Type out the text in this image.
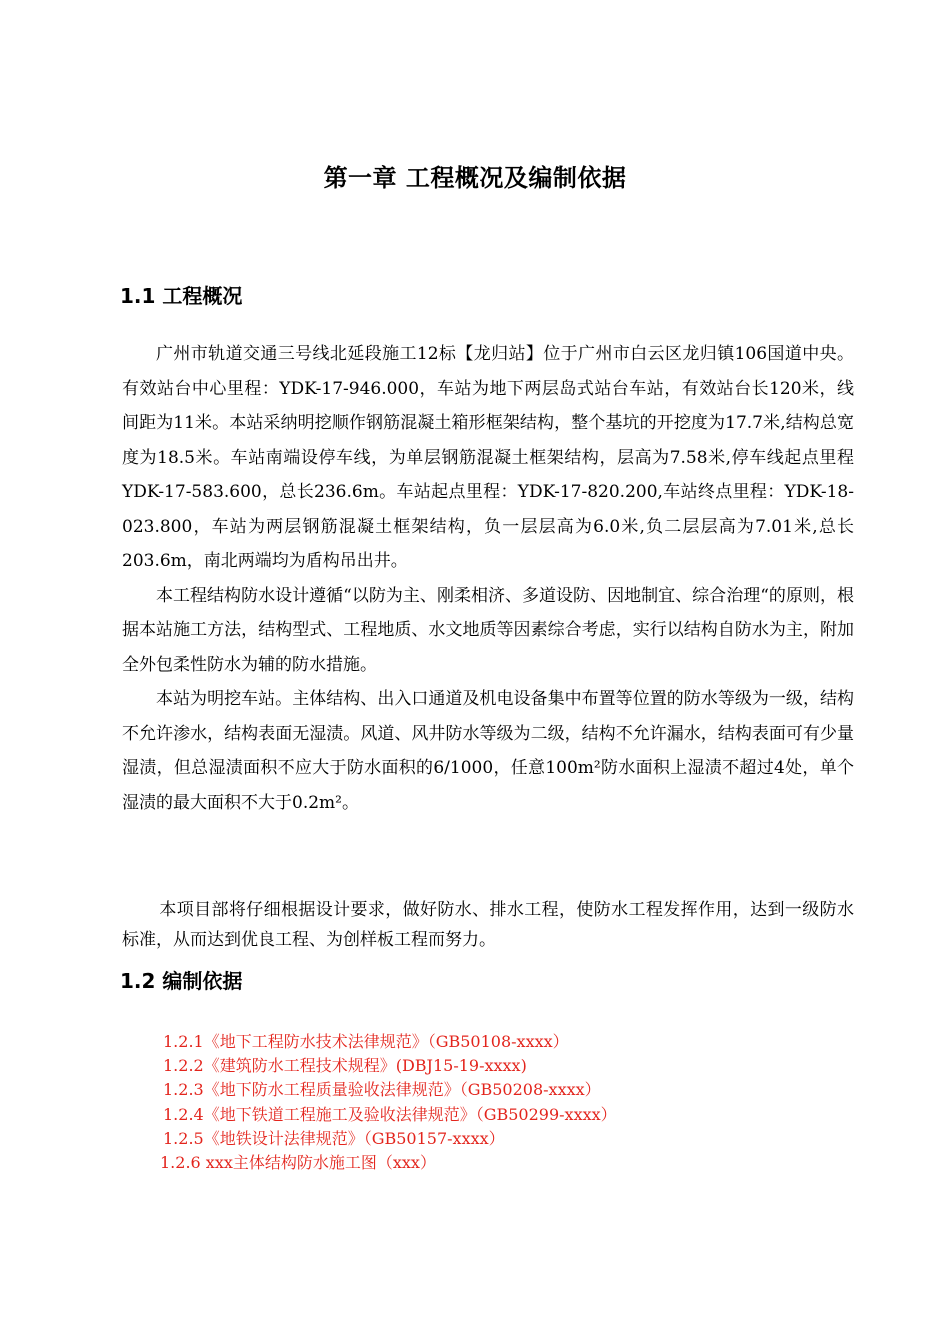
第一章 工程概况及编制依据
1.1 工程概况

广州市轨道交通三号线北延段施工12标【龙归站】位于广州市白云区龙归镇106国道中央。有效站台中心里程：YDK-17-946.000，车站为地下两层岛式站台车站，有效站台长120米，线间距为11米。本站采纳明挖顺作钢筋混凝土箱形框架结构，整个基坑的开挖度为17.7米,结构总宽度为18.5米。车站南端设停车线，为单层钢筋混凝土框架结构，层高为7.58米,停车线起点里程YDK-17-583.600，总长236.6m。车站起点里程：YDK-17-820.200,车站终点里程：YDK-18-023.800，车站为两层钢筋混凝土框架结构，负一层层高为6.0米,负二层层高为7.01米,总长203.6m，南北两端均为盾构吊出井。

本工程结构防水设计遵循“以防为主、刚柔相济、多道设防、因地制宜、综合治理“的原则，根据本站施工方法，结构型式、工程地质、水文地质等因素综合考虑，实行以结构自防水为主，附加全外包柔性防水为辅的防水措施。

本站为明挖车站。主体结构、出入口通道及机电设备集中布置等位置的防水等级为一级，结构不允许渗水，结构表面无湿渍。风道、风井防水等级为二级，结构不允许漏水，结构表面可有少量湿渍，但总湿渍面积不应大于防水面积的6/1000，任意100m²防水面积上湿渍不超过4处，单个湿渍的最大面积不大于0.2m²。

本项目部将仔细根据设计要求，做好防水、排水工程，使防水工程发挥作用，达到一级防水标准，从而达到优良工程、为创样板工程而努力。

1.2 编制依据
1.2.1《地下工程防水技术法律规范》（GB50108-xxxx）
1.2.2《建筑防水工程技术规程》(DBJ15-19-xxxx)
1.2.3《地下防水工程质量验收法律规范》（GB50208-xxxx）
1.2.4《地下铁道工程施工及验收法律规范》（GB50299-xxxx）
1.2.5《地铁设计法律规范》（GB50157-xxxx）
1.2.6 xxx主体结构防水施工图（xxx）
